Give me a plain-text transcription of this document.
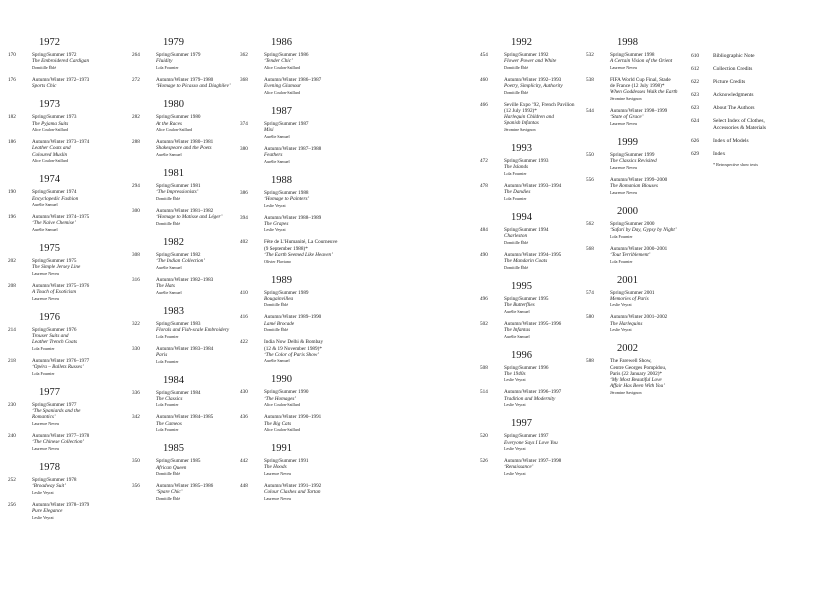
1972
170	Spring/Summer 1972
The Embroidered Cardigan
Domitille Éblé
176	Autumn/Winter 1972–1973
Sports Chic
1973
182	Spring/Summer 1973
The Pyjama Suits
Alice Coulon-Saillard
186	Autumn/Winter 1973–1974
Leather Coats and
Coloured Muslin
Alice Coulon-Saillard
1974
190	Spring/Summer 1974
Encyclopedic Fashion
Aurélie Samuel
196	Autumn/Winter 1974–1975
‘The Naive Chemise’
Aurélie Samuel
1975
202	Spring/Summer 1975
The Simple Jersey Line
Laurence Neveu
208	Autumn/Winter 1975–1976
A Touch of Exoticism
Laurence Neveu
1976
214	Spring/Summer 1976
Trouser Suits and
Leather Trench Coats
Lola Fournier
218	Autumn/Winter 1976–1977
‘Opéra – Ballets Russes’
Lola Fournier
1977
230	Spring/Summer 1977
‘The Spaniards and the
Romantics’
Laurence Neveu
240	Autumn/Winter 1977–1978
‘The Chinese Collection’
Laurence Neveu
1978
252	Spring/Summer 1978
‘Broadway Suit’
Leslie Veyrat
256	Autumn/Winter 1978–1979
Pure Elegance
Leslie Veyrat
1979
264	Spring/Summer 1979
Fluidity
Lola Fournier
272	Autumn/Winter 1979–1980
‘Homage to Picasso and Diaghilev’
1980
282	Spring/Summer 1980
At the Races
Alice Coulon-Saillard
288	Autumn/Winter 1980–1981
Shakespeare and the Poets
Aurélie Samuel
1981
294	Spring/Summer 1981
‘The Impressionists’
Domitille Éblé
300	Autumn/Winter 1981–1982
‘Homage to Matisse and Léger’
Domitille Éblé
1982
308	Spring/Summer 1982
‘The Indian Collection’
Aurélie Samuel
316	Autumn/Winter 1982–1983
The Hats
Aurélie Samuel
1983
322	Spring/Summer 1983
Florals and Fish-scale Embroidery
Lola Fournier
330	Autumn/Winter 1983–1984
Paris
Lola Fournier
1984
336	Spring/Summer 1984
The Classics
Lola Fournier
342	Autumn/Winter 1984–1985
The Cameos
Lola Fournier
1985
350	Spring/Summer 1985
African Queen
Domitille Éblé
356	Autumn/Winter 1985–1986
‘Spare Chic’
Domitille Éblé
1986
362	Spring/Summer 1986
‘Tender Chic’
Alice Coulon-Saillard
368	Autumn/Winter 1986–1987
Evening Glamour
Alice Coulon-Saillard
1987
374	Spring/Summer 1987
Mixi
Aurélie Samuel
380	Autumn/Winter 1987–1988
Feathers
Aurélie Samuel
1988
386	Spring/Summer 1988
‘Homage to Painters’
Leslie Veyrat
394	Autumn/Winter 1988–1989
The Grapes
Leslie Veyrat
402	Fête de L’Humanité, La Courneuve
(9 September 1988)*
‘The Earth Seemed Like Heaven’
Olivier Flaviano
1989
410	Spring/Summer 1989
Bougainvillea
Domitille Éblé
416	Autumn/Winter 1989–1990
Lamé Brocade
Domitille Éblé
422	India Now Delhi & Bombay
(12 & 19 November 1989)*
‘The Color of Paris Show’
Aurélie Samuel
1990
430	Spring/Summer 1990
‘The Homages’
Alice Coulon-Saillard
436	Autumn/Winter 1990–1991
The Big Cats
Alice Coulon-Saillard
1991
442	Spring/Summer 1991
The Hoods
Laurence Neveu
448	Autumn/Winter 1991–1992
Colour Clashes and Tartan
Laurence Neveu
1992
454	Spring/Summer 1992
Flower Power and White
Domitille Éblé
460	Autumn/Winter 1992–1993
Poetry, Simplicity, Authority
Domitille Éblé
466	Seville Expo ’92, French Pavilion
(12 July 1992)*
Harlequin Children and
Spanish Infantas
Jéromine Savignon
1993
472	Spring/Summer 1993
The Islands
Lola Fournier
478	Autumn/Winter 1993–1994
The Dandies
Lola Fournier
1994
484	Spring/Summer 1994
Charleston
Domitille Éblé
490	Autumn/Winter 1994–1995
The Mandarin Coats
Domitille Éblé
1995
496	Spring/Summer 1995
The Butterflies
Aurélie Samuel
502	Autumn/Winter 1995–1996
The Infantas
Aurélie Samuel
1996
508	Spring/Summer 1996
The 1940s
Leslie Veyrat
514	Autumn/Winter 1996–1997
Tradition and Modernity
Leslie Veyrat
1997
520	Spring/Summer 1997
Everyone Says I Love You
Leslie Veyrat
526	Autumn/Winter 1997–1998
‘Renaissance’
Leslie Veyrat
1998
532	Spring/Summer 1998
A Certain Vision of the Orient
Laurence Neveu
538	FIFA World Cup Final, Stade
de France (12 July 1998)*
When Goddesses Walk the Earth
Jéromine Savignon
544	Autumn/Winter 1998–1999
‘State of Grace’
Laurence Neveu
1999
550	Spring/Summer 1999
The Classics Revisited
Laurence Neveu
556	Autumn/Winter 1999–2000
The Romanian Blouses
Laurence Neveu
2000
562	Spring/Summer 2000
‘Safari by Day, Gypsy by Night’
Lola Fournier
568	Autumn/Winter 2000–2001
‘Tout Terriblement’
Lola Fournier
2001
574	Spring/Summer 2001
Memories of Paris
Leslie Veyrat
580	Autumn/Winter 2001–2002
The Harlequins
Leslie Veyrat
2002
588	The Farewell Show,
Centre Georges Pompidou,
Paris (22 January 2002)*
‘My Most Beautiful Love
Affair Has Been With You’
Jéromine Savignon
610	Bibliographic Note
612	Collection Credits
622	Picture Credits
623	Acknowledgments
623	About The Authors
624	Select Index of Clothes,
Accessories & Materials
626	Index of Models
629	Index
* Retrospective show texts
